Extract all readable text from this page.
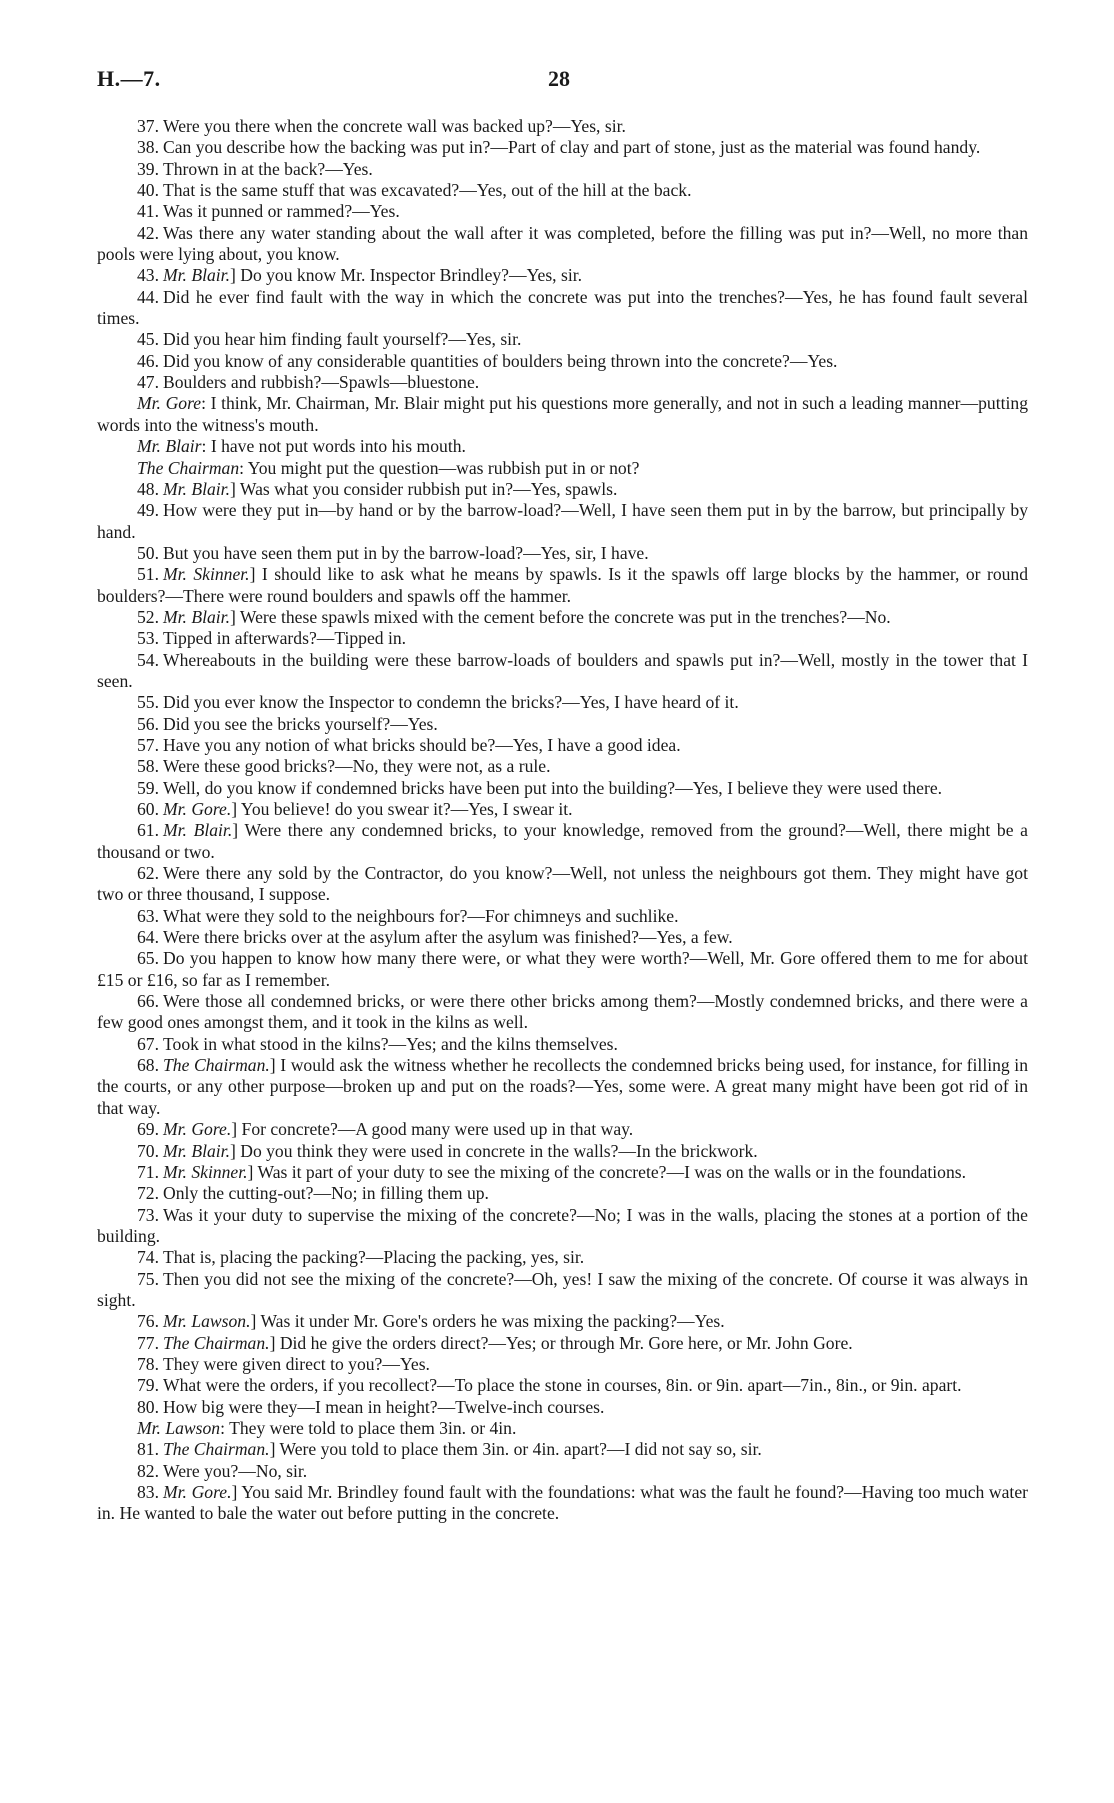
H.—7.	28

37. Were you there when the concrete wall was backed up?—Yes, sir.

38. Can you describe how the backing was put in?—Part of clay and part of stone, just as the material was found handy.

39. Thrown in at the back?—Yes.

40. That is the same stuff that was excavated?—Yes, out of the hill at the back.

41. Was it punned or rammed?—Yes.

42. Was there any water standing about the wall after it was completed, before the filling was put in?—Well, no more than pools were lying about, you know.

43. Mr. Blair.] Do you know Mr. Inspector Brindley?—Yes, sir.

44. Did he ever find fault with the way in which the concrete was put into the trenches?—Yes, he has found fault several times.

45. Did you hear him finding fault yourself?—Yes, sir.

46. Did you know of any considerable quantities of boulders being thrown into the concrete?—Yes.

47. Boulders and rubbish?—Spawls—bluestone.

Mr. Gore: I think, Mr. Chairman, Mr. Blair might put his questions more generally, and not in such a leading manner—putting words into the witness's mouth.

Mr. Blair: I have not put words into his mouth.

The Chairman: You might put the question—was rubbish put in or not?

48. Mr. Blair.] Was what you consider rubbish put in?—Yes, spawls.

49. How were they put in—by hand or by the barrow-load?—Well, I have seen them put in by the barrow, but principally by hand.

50. But you have seen them put in by the barrow-load?—Yes, sir, I have.

51. Mr. Skinner.] I should like to ask what he means by spawls. Is it the spawls off large blocks by the hammer, or round boulders?—There were round boulders and spawls off the hammer.

52. Mr. Blair.] Were these spawls mixed with the cement before the concrete was put in the trenches?—No.

53. Tipped in afterwards?—Tipped in.

54. Whereabouts in the building were these barrow-loads of boulders and spawls put in?—Well, mostly in the tower that I seen.

55. Did you ever know the Inspector to condemn the bricks?—Yes, I have heard of it.

56. Did you see the bricks yourself?—Yes.

57. Have you any notion of what bricks should be?—Yes, I have a good idea.

58. Were these good bricks?—No, they were not, as a rule.

59. Well, do you know if condemned bricks have been put into the building?—Yes, I believe they were used there.

60. Mr. Gore.] You believe! do you swear it?—Yes, I swear it.

61. Mr. Blair.] Were there any condemned bricks, to your knowledge, removed from the ground?—Well, there might be a thousand or two.

62. Were there any sold by the Contractor, do you know?—Well, not unless the neighbours got them. They might have got two or three thousand, I suppose.

63. What were they sold to the neighbours for?—For chimneys and suchlike.

64. Were there bricks over at the asylum after the asylum was finished?—Yes, a few.

65. Do you happen to know how many there were, or what they were worth?—Well, Mr. Gore offered them to me for about £15 or £16, so far as I remember.

66. Were those all condemned bricks, or were there other bricks among them?—Mostly condemned bricks, and there were a few good ones amongst them, and it took in the kilns as well.

67. Took in what stood in the kilns?—Yes; and the kilns themselves.

68. The Chairman.] I would ask the witness whether he recollects the condemned bricks being used, for instance, for filling in the courts, or any other purpose—broken up and put on the roads?—Yes, some were. A great many might have been got rid of in that way.

69. Mr. Gore.] For concrete?—A good many were used up in that way.

70. Mr. Blair.] Do you think they were used in concrete in the walls?—In the brickwork.

71. Mr. Skinner.] Was it part of your duty to see the mixing of the concrete?—I was on the walls or in the foundations.

72. Only the cutting-out?—No; in filling them up.

73. Was it your duty to supervise the mixing of the concrete?—No; I was in the walls, placing the stones at a portion of the building.

74. That is, placing the packing?—Placing the packing, yes, sir.

75. Then you did not see the mixing of the concrete?—Oh, yes! I saw the mixing of the concrete. Of course it was always in sight.

76. Mr. Lawson.] Was it under Mr. Gore's orders he was mixing the packing?—Yes.

77. The Chairman.] Did he give the orders direct?—Yes; or through Mr. Gore here, or Mr. John Gore.

78. They were given direct to you?—Yes.

79. What were the orders, if you recollect?—To place the stone in courses, 8in. or 9in. apart—7in., 8in., or 9in. apart.

80. How big were they—I mean in height?—Twelve-inch courses.

Mr. Lawson: They were told to place them 3in. or 4in.

81. The Chairman.] Were you told to place them 3in. or 4in. apart?—I did not say so, sir.

82. Were you?—No, sir.

83. Mr. Gore.] You said Mr. Brindley found fault with the foundations: what was the fault he found?—Having too much water in. He wanted to bale the water out before putting in the concrete.
